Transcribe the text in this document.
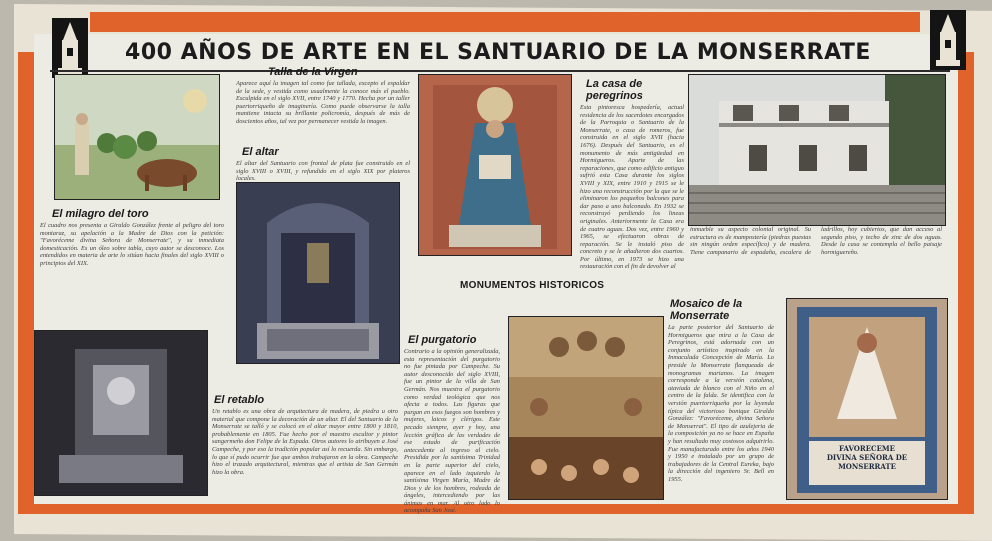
400 AÑOS DE ARTE EN EL SANTUARIO DE LA MONSERRATE
Talla de la Virgen
Aparece aquí la imagen tal como fue tallada, excepto el espaldar de la sede, y vestida como usualmente la conoce más el pueblo. Esculpida en el siglo XVII, entre 1740 y 1770. Hecha por un taller puertorriqueño de imaginería. Como puede observarse la talla mantiene intacta su brillante policromía, después de más de doscientos años, tal vez por permanecer vestida la imagen.
El altar
El altar del Santuario con frontal de plata fue construido en el siglo XVIII o XVIII, y refundido en el siglo XIX por plateros locales.
El milagro del toro
El cuadro nos presenta a Giraldo González frente al peligro del toro montaraz, su apelación a la Madre de Dios con la petición: "Favoréceme divina Señora de Monserrate", y su inmediata domesticación. Es un óleo sobre tabla, cuyo autor se desconoce. Los entendidos en materia de arte lo sitúan hacia finales del siglo XVIII o principios del XIX.
La casa de peregrinos
Esta pintoresca hospedería, actual residencia de los sacerdotes encargados de la Parroquia o Santuario de la Monserrate, o casa de romeros, fue construida en el siglo XVII (hacia 1676). Después del Santuario, es el monumento de más antigüedad en Hormigueros. Aparte de las reparaciones, que como edificio antiguo sufrió esta Casa durante los siglos XVIII y XIX, entre 1910 y 1915 se le hizo una reconstrucción por la que se le eliminaron los pequeños balcones para dar paso a uno balconado. En 1932 se reconstruyó perdiendo los lineas originales. Anteriormente la Casa era de cuatro aguas. Dos vez, entre 1960 y 1965, se efectuaron obras de reparación. Se le instaló piso de concreto y se le añadieron dos cuartos. Por último, en 1973 se hizo una restauración con el fin de devolver al
inmueble su aspecto colonial original. Su estructura es de mampostería (piedras puestas sin ningún orden específico) y de madera. Tiene campanario de espadaña, escalera de ladrillos, hoy cubiertos, que dan acceso al segundo piso, y techo de zinc de dos aguas. Desde la casa se contempla el bello paisaje hormiguereño.
MONUMENTOS HISTORICOS
El retablo
Un retablo es una obra de arquitectura de madera, de piedra u otro material que compone la decoración de un altar. El del Santuario de la Monserrate se talló y se colocó en el altar mayor entre 1800 y 1810, probablemente en 1805. Fue hecho por el maestro escultor y pintor sangermeño don Felipe de la Espada. Otros autores lo atribuyen a José Campeche, y por eso la tradición popular así lo recuerda. Sin embargo, lo que sí pudo ocurrir fue que ambos trabajaron en la obra. Campeche hizo el trazado arquitectural, mientras que el artista de San Germán hizo la obra.
El purgatorio
Contrario a la opinión generalizada, esta representación del purgatorio no fue pintada por Campeche. Su autor desconocido del siglo XVIII, fue un pintor de la villa de San Germán. Nos muestra el purgatorio como verdad teológica que nos afecta a todos. Las figuras que purgan en esos fuegos son hombres y mujeres, laicos y clérigos. Este pecado siempre, ayer y hoy, una lección gráfica de las verdades de ese estado de purificación antecedente al ingreso al cielo. Presidida por la santísima Trinidad en la parte superior del cielo, aparece en el lado izquierdo la santísima Virgen María, Madre de Dios y de los hombres, rodeada de ángeles, intercediendo por las ánimas en mar. Al otro lado lo acompaña San José.
Mosaico de la Monserrate
La parte posterior del Santuario de Hormigueros que mira a la Casa de Peregrinos, está adornada con un conjunto artístico inspirado en la Inmaculada Concepción de María. Lo preside la Monserrate flanqueada de monogramas marianos. La imagen corresponde a la versión catalana, ataviada de blanco con el Niño en el centro de la falda. Se identifica con la versión puertorriqueña por la leyenda típica del victorioso bonique Giraldo González: "Favoréceme, divina Señora de Monserrat". El tipo de azulejeria de la composición ya no se hace en España y han resultado muy costosos adquirirlo. Fue manufacturado entre los años 1940 y 1950 e instalado por un grupo de trabajadores de la Central Eureka, bajo la dirección del ingeniero Sr. Bell en 1955.
FAVORECEME
DIVINA SEÑORA DE
MONSERRATE
